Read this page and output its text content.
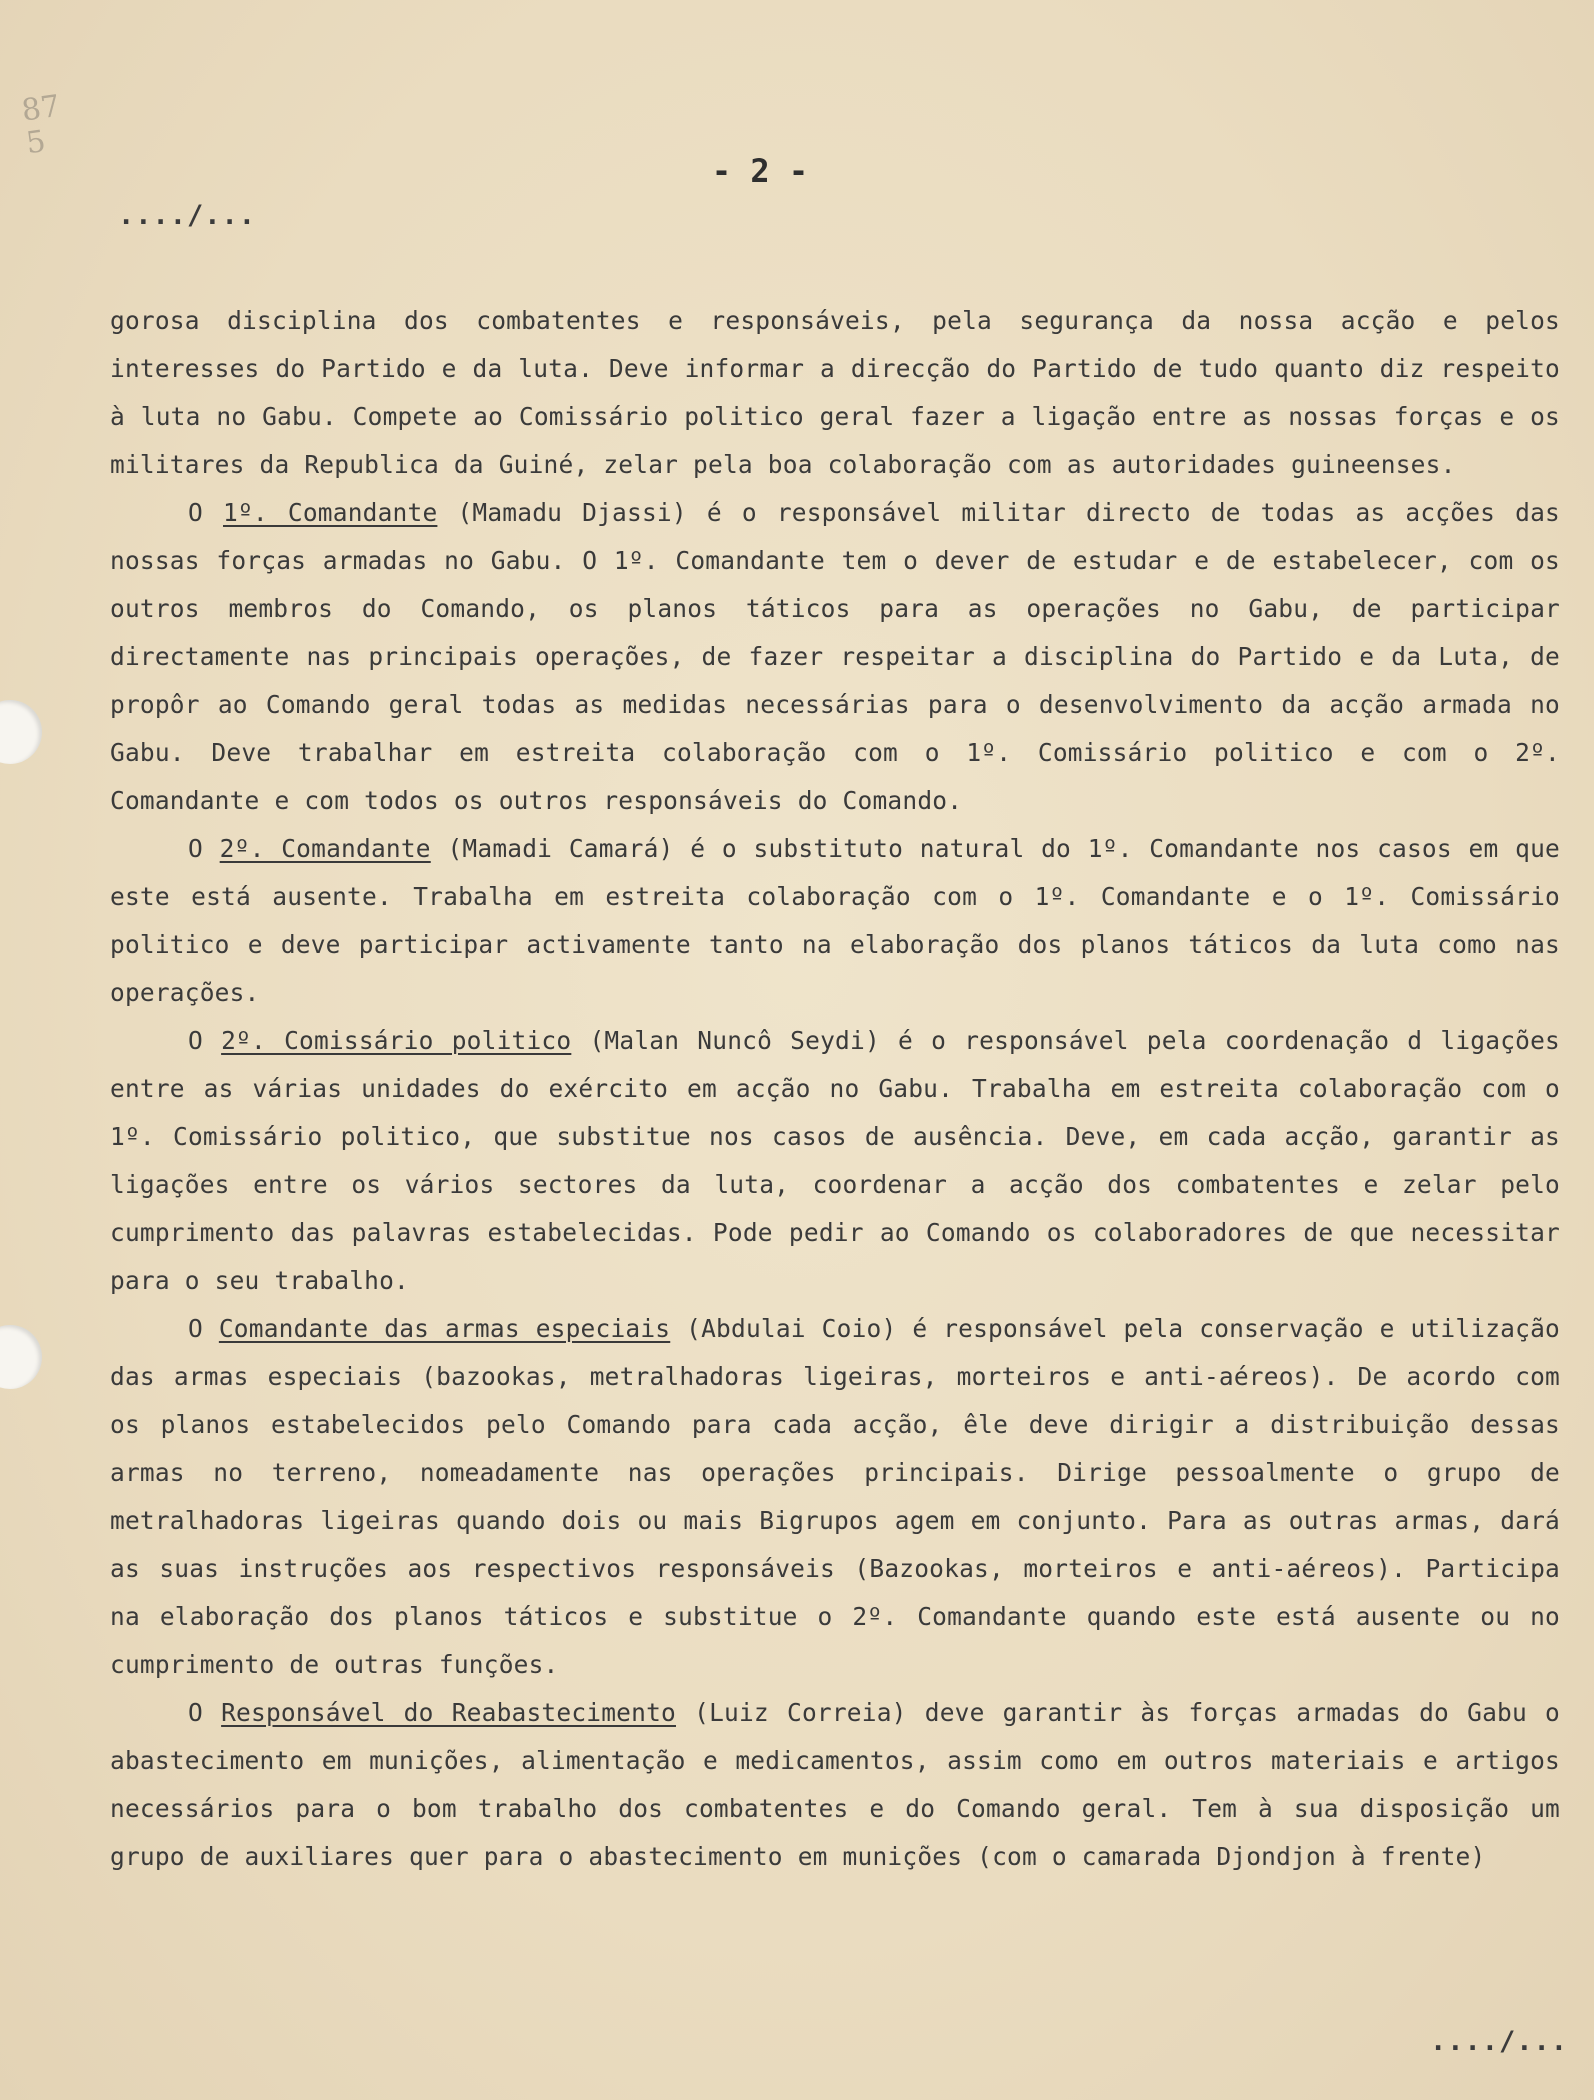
87
5
- 2 -
..../...

gorosa disciplina dos combatentes e responsáveis, pela segurança da nossa acção e pelos interesses do Partido e da luta. Deve informar a direcção do Partido de tudo quanto diz respeito à luta no Gabu. Compete ao Comissário politico geral fazer a ligação entre as nossas forças e os militares da Republica da Guiné, zelar pela boa colaboração com as autoridades guineenses.

O 1º. Comandante (Mamadu Djassi) é o responsável militar directo de todas as acções das nossas forças armadas no Gabu. O 1º. Comandante tem o dever de estudar e de estabelecer, com os outros membros do Comando, os planos táticos para as operações no Gabu, de participar directamente nas principais operações, de fazer respeitar a disciplina do Partido e da Luta, de propôr ao Comando geral todas as medidas necessárias para o desenvolvimento da acção armada no Gabu. Deve trabalhar em estreita colaboração com o 1º. Comissário politico e com o 2º. Comandante e com todos os outros responsáveis do Comando.

O 2º. Comandante (Mamadi Camará) é o substituto natural do 1º. Comandante nos casos em que este está ausente. Trabalha em estreita colaboração com o 1º. Comandante e o 1º. Comissário politico e deve participar activamente tanto na elaboração dos planos táticos da luta como nas operações.

O 2º. Comissário politico (Malan Nuncô Seydi) é o responsável pela coordenação d ligações entre as várias unidades do exército em acção no Gabu. Trabalha em estreita colaboração com o 1º. Comissário politico, que substitue nos casos de ausência. Deve, em cada acção, garantir as ligações entre os vários sectores da luta, coordenar a acção dos combatentes e zelar pelo cumprimento das palavras estabelecidas. Pode pedir ao Comando os colaboradores de que necessitar para o seu trabalho.

O Comandante das armas especiais (Abdulai Coio) é responsável pela conservação e utilização das armas especiais (bazookas, metralhadoras ligeiras, morteiros e anti-aéreos). De acordo com os planos estabelecidos pelo Comando para cada acção, êle deve dirigir a distribuição dessas armas no terreno, nomeadamente nas operações principais. Dirige pessoalmente o grupo de metralhadoras ligeiras quando dois ou mais Bigrupos agem em conjunto. Para as outras armas, dará as suas instruções aos respectivos responsáveis (Bazookas, morteiros e anti-aéreos). Participa na elaboração dos planos táticos e substitue o 2º. Comandante quando este está ausente ou no cumprimento de outras funções.

O Responsável do Reabastecimento (Luiz Correia) deve garantir às forças armadas do Gabu o abastecimento em munições, alimentação e medicamentos, assim como em outros materiais e artigos necessários para o bom trabalho dos combatentes e do Comando geral. Tem à sua disposição um grupo de auxiliares quer para o abastecimento em munições (com o camarada Djondjon à frente)

..../...
